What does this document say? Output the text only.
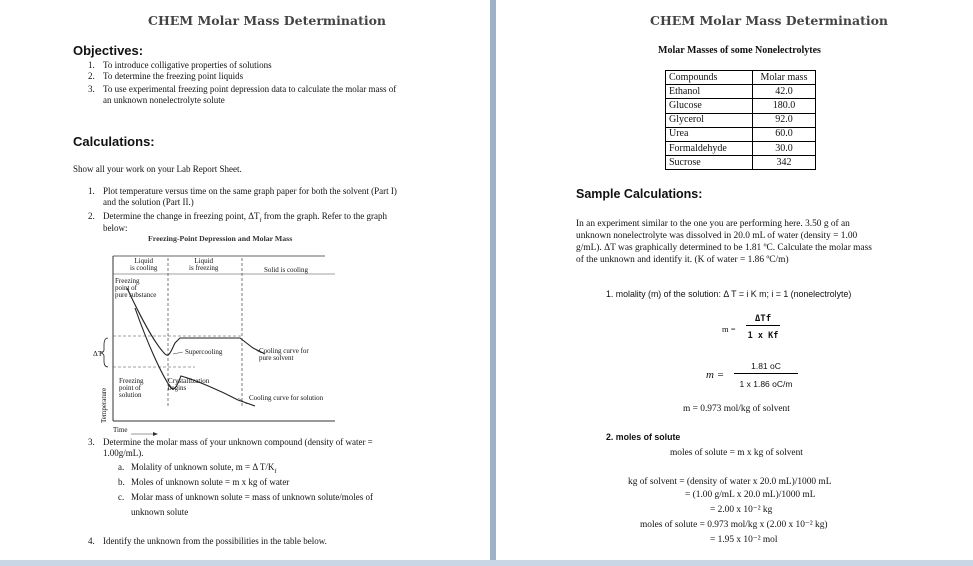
CHEM Molar Mass Determination
Objectives:
1. To introduce colligative properties of solutions
2. To determine the freezing point liquids
3. To use experimental freezing point depression data to calculate the molar mass of
an unknown nonelectrolyte solute
Calculations:
Show all your work on your Lab Report Sheet.
1. Plot temperature versus time on the same graph paper for both the solvent (Part I)
and the solution (Part II.)
2. Determine the change in freezing point, $\Delta T_f$ from the graph. Refer to the graph
below:
Freezing-Point Depression and Molar Mass
Liquid
is cooling
Liquid
is freezing	Solid is cooling
Freezing
point of
pure substance
Supercooling	Cooling curve for
pure solvent
ΔT
Freezing
point of
solution
Crystallization
begins
Cooling curve for solution
Temperature
Time
3. Determine the molar mass of your unknown compound (density of water =
1.00g/mL).
a. Molality of unknown solute, m = Δ $T/K_f$
b. Moles of unknown solute = m x kg of water
c. Molar mass of unknown solute = mass of unknown solute/moles of
unknown solute
4. Identify the unknown from the possibilities in the table below.
CHEM Molar Mass Determination
Molar Masses of some Nonelectrolytes
Compounds	Molar mass
Ethanol	42.0
Glucose	180.0
Glycerol	92.0
Urea	60.0
Formaldehyde	30.0
Sucrose	342
Sample Calculations:
In an experiment similar to the one you are performing here. 3.50 g of an
unknown nonelectrolyte was dissolved in 20.0 mL of water (density = 1.00
g/mL). ΔT was graphically determined to be 1.81 ºC. Calculate the molar mass
of the unknown and identify it. (K of water = 1.86 ºC/m)
1. molality (m) of the solution: Δ T = i K m; i = 1 (nonelectrolyte)
m =
ΔTf
1 x Kf
m =
1.81 oC
1 x 1.86 oC/m
m = 0.973 mol/kg of solvent
2. moles of solute
moles of solute = m x kg of solvent
kg of solvent = (density of water x 20.0 mL)/1000 mL
= (1.00 g/mL x 20.0 mL)/1000 mL
= 2.00 x 10⁻² kg
moles of solute = 0.973 mol/kg x (2.00 x 10⁻² kg)
= 1.95 x 10⁻² mol
